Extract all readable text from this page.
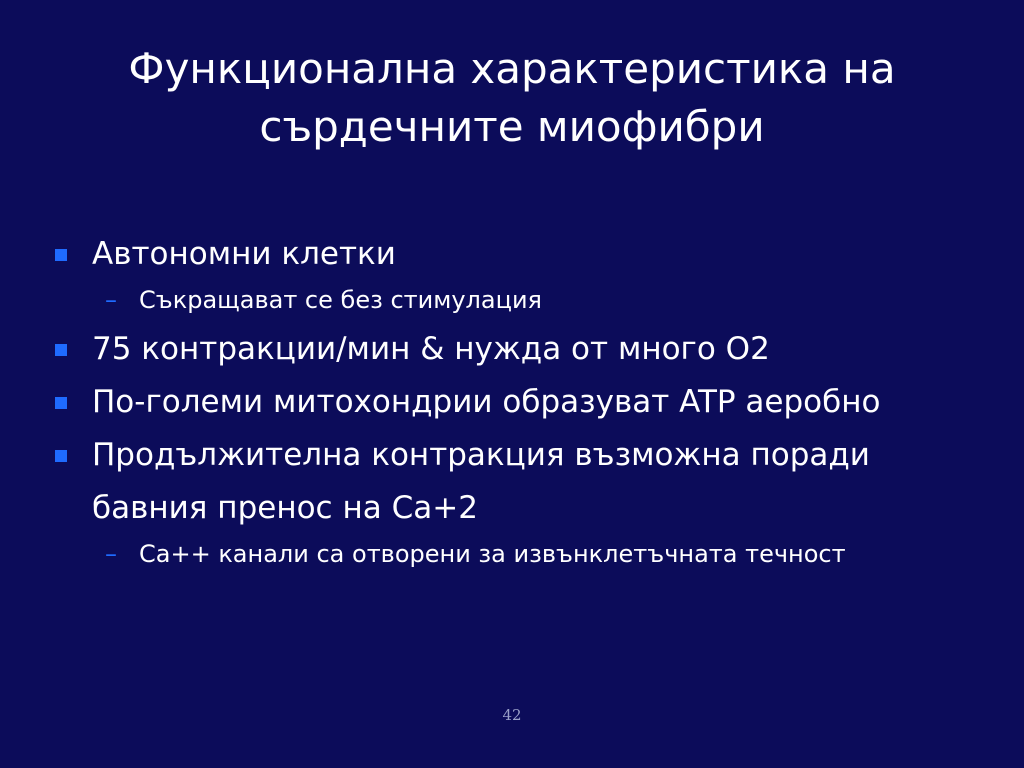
Функционална характеристика на
сърдечните миофибри
Автономни клетки
– Съкращават се без стимулация
75 контракции/мин & нужда от много О2
По-големи митохондрии образуват ATP аеробно
Продължителна контракция възможна поради
бавния пренос на Са+2
– Са++ канали са отворени за извънклетъчната течност
42
